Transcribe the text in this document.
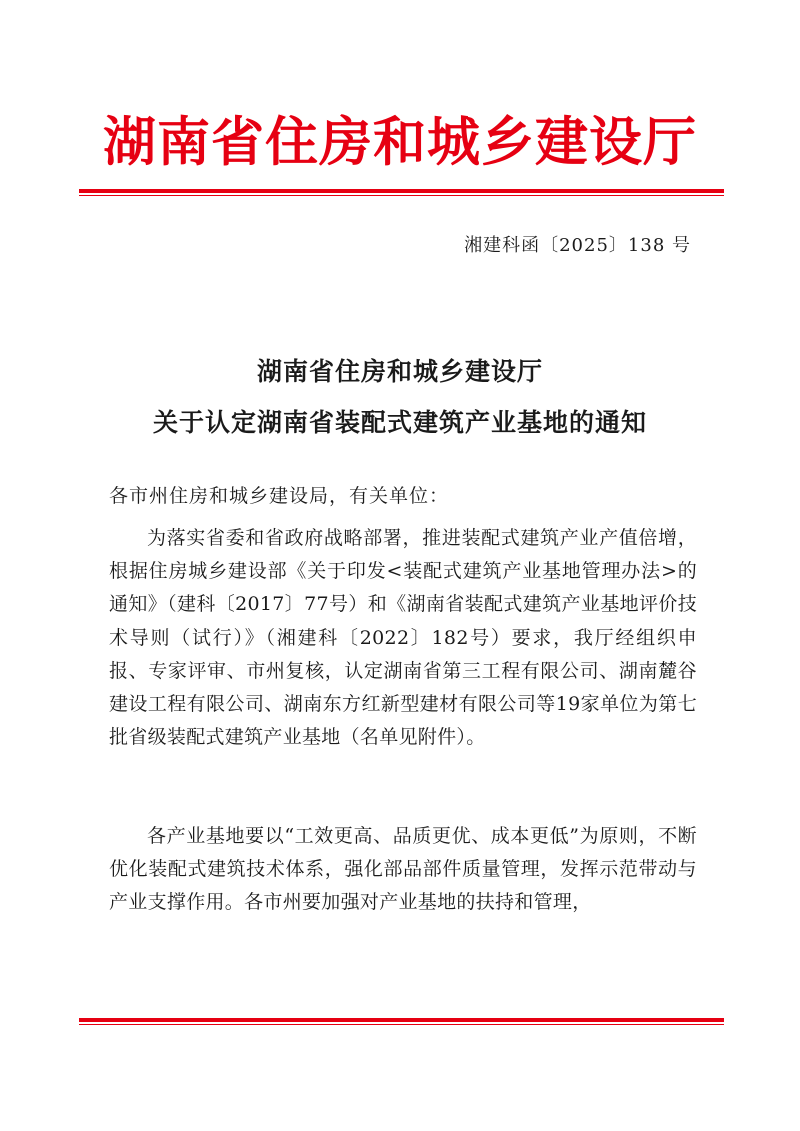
湖南省住房和城乡建设厅
湘建科函〔2025〕138 号
湖南省住房和城乡建设厅
关于认定湖南省装配式建筑产业基地的通知
各市州住房和城乡建设局，有关单位：

为落实省委和省政府战略部署，推进装配式建筑产业产值倍增，根据住房城乡建设部《关于印发<装配式建筑产业基地管理办法>的通知》（建科〔2017〕77号）和《湖南省装配式建筑产业基地评价技术导则（试行）》（湘建科〔2022〕182号）要求，我厅经组织申报、专家评审、市州复核，认定湖南省第三工程有限公司、湖南麓谷建设工程有限公司、湖南东方红新型建材有限公司等19家单位为第七批省级装配式建筑产业基地（名单见附件）。

各产业基地要以“工效更高、品质更优、成本更低”为原则，不断优化装配式建筑技术体系，强化部品部件质量管理，发挥示范带动与产业支撑作用。各市州要加强对产业基地的扶持和管理，
